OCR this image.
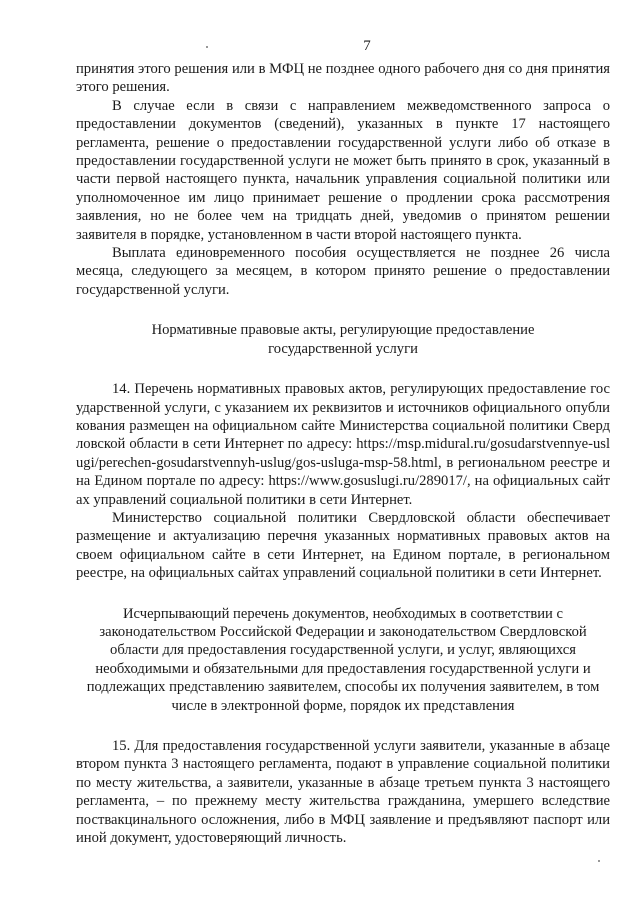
7

принятия этого решения или в МФЦ не позднее одного рабочего дня со дня принятия этого решения.

В случае если в связи с направлением межведомственного запроса о предоставлении документов (сведений), указанных в пункте 17 настоящего регламента, решение о предоставлении государственной услуги либо об отказе в предоставлении государственной услуги не может быть принято в срок, указанный в части первой настоящего пункта, начальник управления социальной политики или уполномоченное им лицо принимает решение о продлении срока рассмотрения заявления, но не более чем на тридцать дней, уведомив о принятом решении заявителя в порядке, установленном в части второй настоящего пункта.

Выплата единовременного пособия осуществляется не позднее 26 числа месяца, следующего за месяцем, в котором принято решение о предоставлении государственной услуги.

Нормативные правовые акты, регулирующие предоставление государственной услуги

14. Перечень нормативных правовых актов, регулирующих предоставление государственной услуги, с указанием их реквизитов и источников официального опубликования размещен на официальном сайте Министерства социальной политики Свердловской области в сети Интернет по адресу: https://msp.midural.ru/gosudarstvennye-uslugi/perechen-gosudarstvennyh-uslug/gos-usluga-msp-58.html, в региональном реестре и на Едином портале по адресу: https://www.gosuslugi.ru/289017/, на официальных сайтах управлений социальной политики в сети Интернет.

Министерство социальной политики Свердловской области обеспечивает размещение и актуализацию перечня указанных нормативных правовых актов на своем официальном сайте в сети Интернет, на Едином портале, в региональном реестре, на официальных сайтах управлений социальной политики в сети Интернет.

Исчерпывающий перечень документов, необходимых в соответствии с законодательством Российской Федерации и законодательством Свердловской области для предоставления государственной услуги, и услуг, являющихся необходимыми и обязательными для предоставления государственной услуги и подлежащих представлению заявителем, способы их получения заявителем, в том числе в электронной форме, порядок их представления

15. Для предоставления государственной услуги заявители, указанные в абзаце втором пункта 3 настоящего регламента, подают в управление социальной политики по месту жительства, а заявители, указанные в абзаце третьем пункта 3 настоящего регламента, – по прежнему месту жительства гражданина, умершего вследствие поствакцинального осложнения, либо в МФЦ заявление и предъявляют паспорт или иной документ, удостоверяющий личность.
